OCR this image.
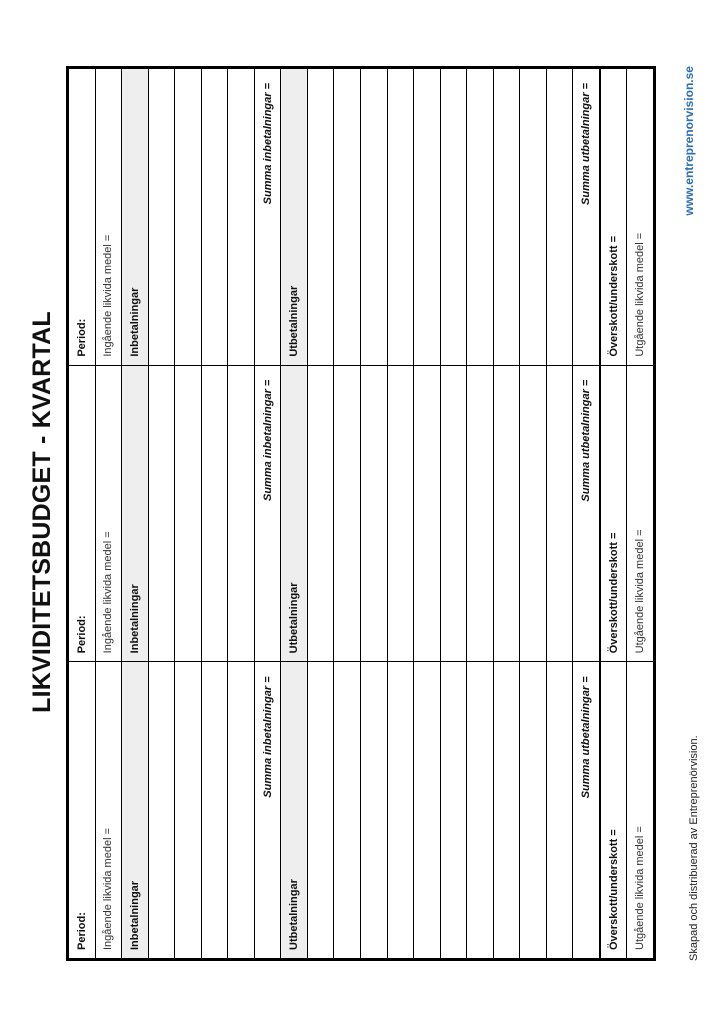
LIKVIDITETSBUDGET - KVARTAL
Period:	Ingående likvida medel =	Inbetalningar
Summa inbetalningar =
Utbetalningar
Summa utbetalningar =
Överskott/underskott =	Utgående likvida medel =
Period:	Ingående likvida medel =	Inbetalningar
Summa inbetalningar =
Utbetalningar
Summa utbetalningar =
Överskott/underskott =	Utgående likvida medel =
Period:	Ingående likvida medel =	Inbetalningar
Summa inbetalningar =
Utbetalningar
Summa utbetalningar =
Överskott/underskott =	Utgående likvida medel =
Skapad och distribuerad av Entreprenörvision.
www.entreprenorvision.se
